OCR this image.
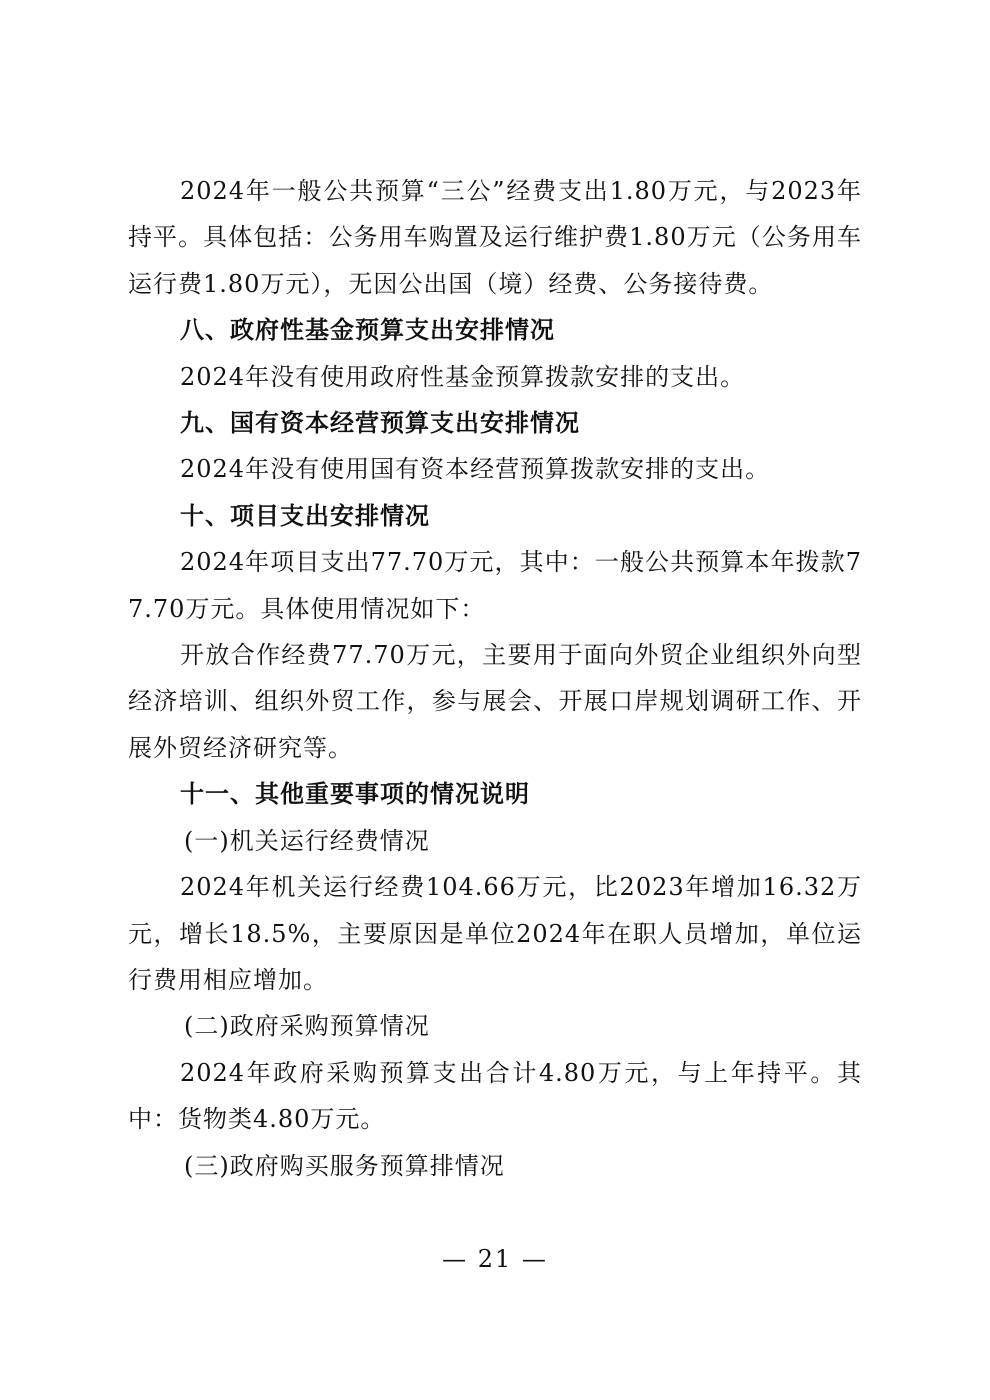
2024年一般公共预算“三公”经费支出1.80万元，与2023年持平。具体包括：公务用车购置及运行维护费1.80万元（公务用车运行费1.80万元），无因公出国（境）经费、公务接待费。

八、政府性基金预算支出安排情况

2024年没有使用政府性基金预算拨款安排的支出。

九、国有资本经营预算支出安排情况

2024年没有使用国有资本经营预算拨款安排的支出。

十、项目支出安排情况

2024年项目支出77.70万元，其中：一般公共预算本年拨款77.70万元。具体使用情况如下：

开放合作经费77.70万元，主要用于面向外贸企业组织外向型经济培训、组织外贸工作，参与展会、开展口岸规划调研工作、开展外贸经济研究等。

十一、其他重要事项的情况说明

(一)机关运行经费情况

2024年机关运行经费104.66万元，比2023年增加16.32万元，增长18.5%，主要原因是单位2024年在职人员增加，单位运行费用相应增加。

(二)政府采购预算情况

2024年政府采购预算支出合计4.80万元，与上年持平。其中：货物类4.80万元。

(三)政府购买服务预算排情况

— 21 —
